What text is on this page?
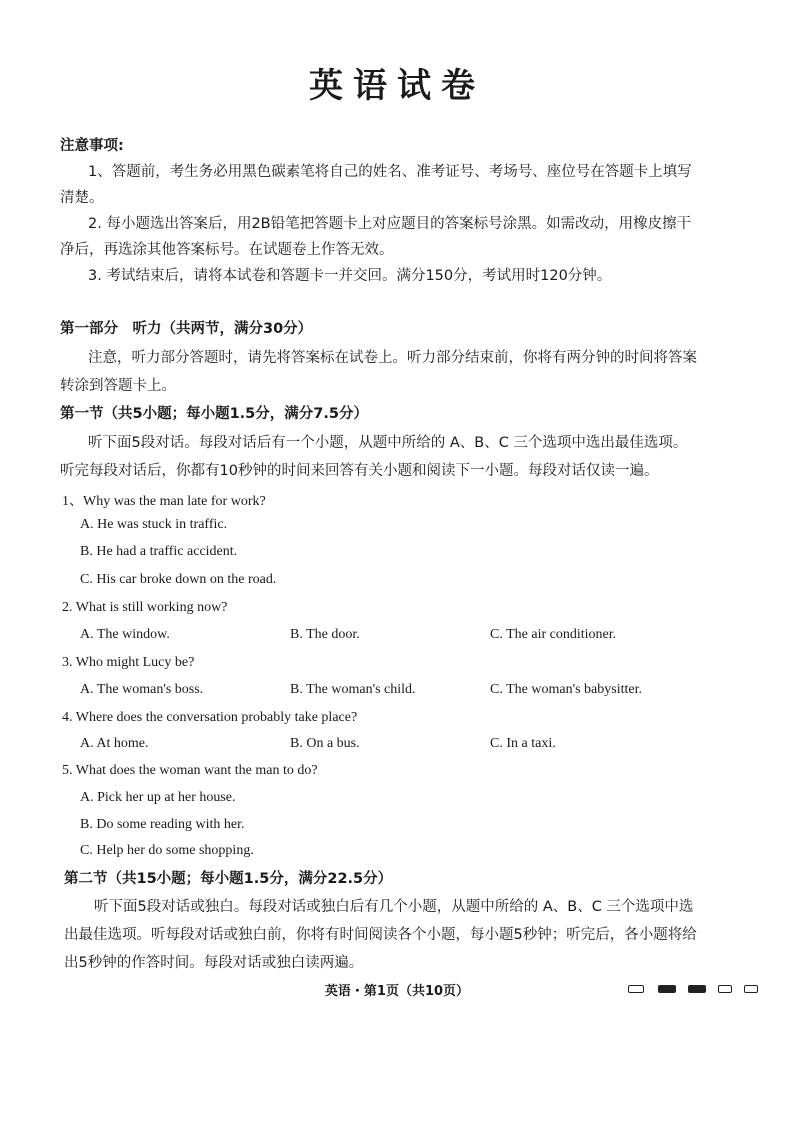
英语试卷
注意事项:
1、答题前，考生务必用黑色碳素笔将自己的姓名、准考证号、考场号、座位号在答题卡上填写
清楚。
2. 每小题选出答案后，用2B铅笔把答题卡上对应题目的答案标号涂黑。如需改动，用橡皮擦干
净后，再选涂其他答案标号。在试题卷上作答无效。
3. 考试结束后，请将本试卷和答题卡一并交回。满分150分，考试用时120分钟。
第一部分　听力（共两节，满分30分）
注意，听力部分答题时，请先将答案标在试卷上。听力部分结束前，你将有两分钟的时间将答案
转涂到答题卡上。
第一节（共5小题；每小题1.5分，满分7.5分）
听下面5段对话。每段对话后有一个小题，从题中所给的 A、B、C 三个选项中选出最佳选项。
听完每段对话后，你都有10秒钟的时间来回答有关小题和阅读下一小题。每段对话仅读一遍。
1、Why was the man late for work?
A. He was stuck in traffic.
B. He had a traffic accident.
C. His car broke down on the road.
2. What is still working now?
A. The window.	B. The door.	C. The air conditioner.
3. Who might Lucy be?
A. The woman's boss.	B. The woman's child.	C. The woman's babysitter.
4. Where does the conversation probably take place?
A. At home.	B. On a bus.	C. In a taxi.
5. What does the woman want the man to do?
A. Pick her up at her house.
B. Do some reading with her.
C. Help her do some shopping.
第二节（共15小题；每小题1.5分，满分22.5分）
听下面5段对话或独白。每段对话或独白后有几个小题，从题中所给的 A、B、C 三个选项中选
出最佳选项。听每段对话或独白前，你将有时间阅读各个小题，每小题5秒钟；听完后，各小题将给
出5秒钟的作答时间。每段对话或独白读两遍。
英语・第1页（共10页）
